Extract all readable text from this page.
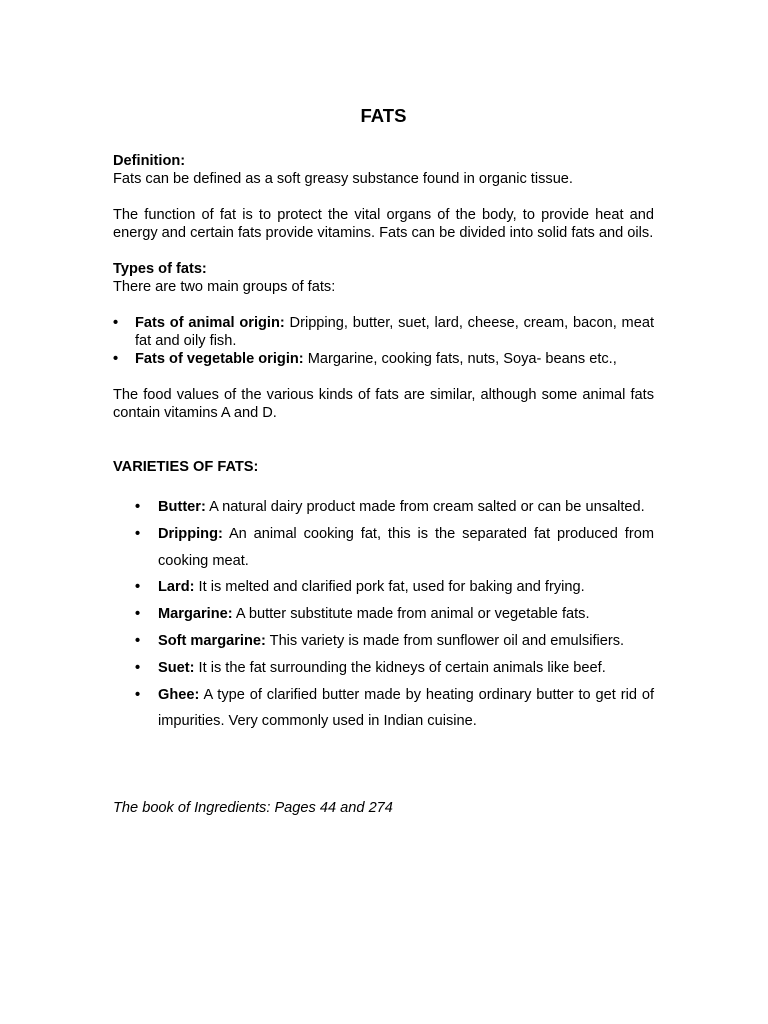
FATS

Definition:

Fats can be defined as a soft greasy substance found in organic tissue.

The function of fat is to protect the vital organs of the body, to provide heat and energy and certain fats provide vitamins. Fats can be divided into solid fats and oils.

Types of fats:

There are two main groups of fats:

• Fats of animal origin: Dripping, butter, suet, lard, cheese, cream, bacon, meat fat and oily fish.
• Fats of vegetable origin: Margarine, cooking fats, nuts, Soya- beans etc.,

The food values of the various kinds of fats are similar, although some animal fats contain vitamins A and D.

VARIETIES OF FATS:

• Butter: A natural dairy product made from cream salted or can be unsalted.
• Dripping: An animal cooking fat, this is the separated fat produced from cooking meat.
• Lard: It is melted and clarified pork fat, used for baking and frying.
• Margarine: A butter substitute made from animal or vegetable fats.
• Soft margarine: This variety is made from sunflower oil and emulsifiers.
• Suet: It is the fat surrounding the kidneys of certain animals like beef.
• Ghee: A type of clarified butter made by heating ordinary butter to get rid of impurities. Very commonly used in Indian cuisine.

The book of Ingredients: Pages 44 and 274
